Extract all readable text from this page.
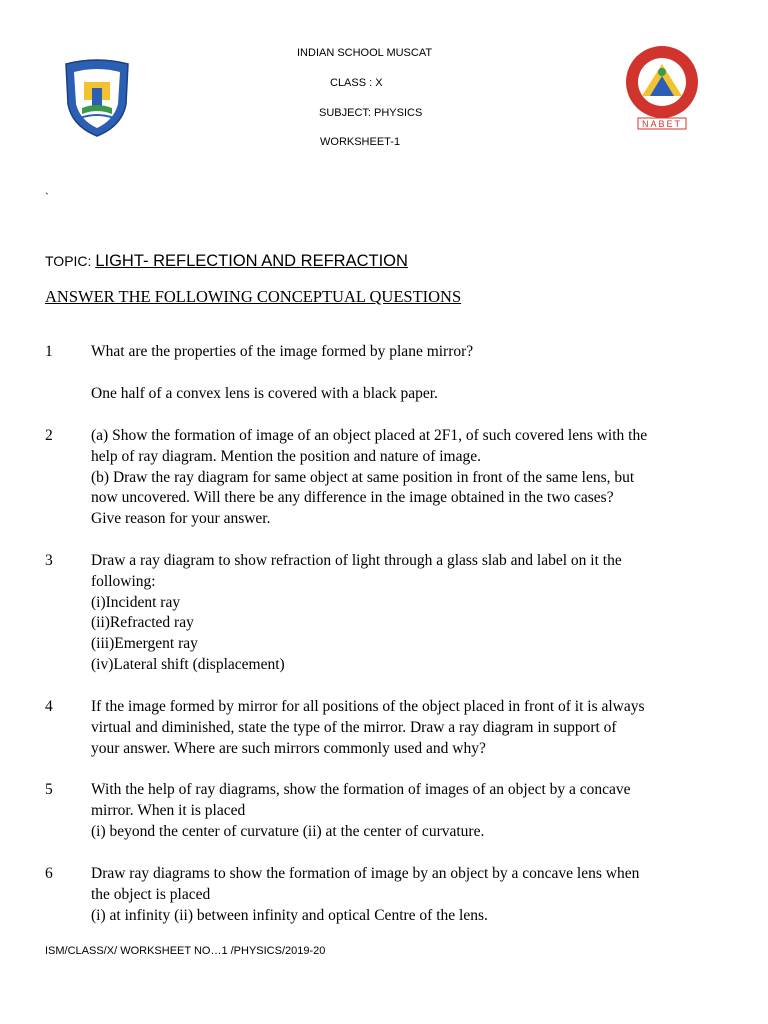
INDIAN SCHOOL MUSCAT
CLASS : X
SUBJECT: PHYSICS
WORKSHEET-1
NABET
`
TOPIC: LIGHT- REFLECTION AND REFRACTION
ANSWER THE FOLLOWING CONCEPTUAL QUESTIONS
1	What are the properties of the image formed by plane mirror?
One half of a convex lens is covered with a black paper.
2	(a) Show the formation of image of an object placed at 2F1, of such covered lens with the
help of ray diagram. Mention the position and nature of image.
(b) Draw the ray diagram for same object at same position in front of the same lens, but
now uncovered. Will there be any difference in the image obtained in the two cases?
Give reason for your answer.
3	Draw a ray diagram to show refraction of light through a glass slab and label on it the
following:
(i)Incident ray
(ii)Refracted ray
(iii)Emergent ray
(iv)Lateral shift (displacement)
4	If the image formed by mirror for all positions of the object placed in front of it is always
virtual and diminished, state the type of the mirror. Draw a ray diagram in support of
your answer. Where are such mirrors commonly used and why?
5	With the help of ray diagrams, show the formation of images of an object by a concave
mirror. When it is placed
(i) beyond the center of curvature (ii) at the center of curvature.
6	Draw ray diagrams to show the formation of image by an object by a concave lens when
the object is placed
(i) at infinity (ii) between infinity and optical Centre of the lens.
ISM/CLASS/X/ WORKSHEET NO…1 /PHYSICS/2019-20
